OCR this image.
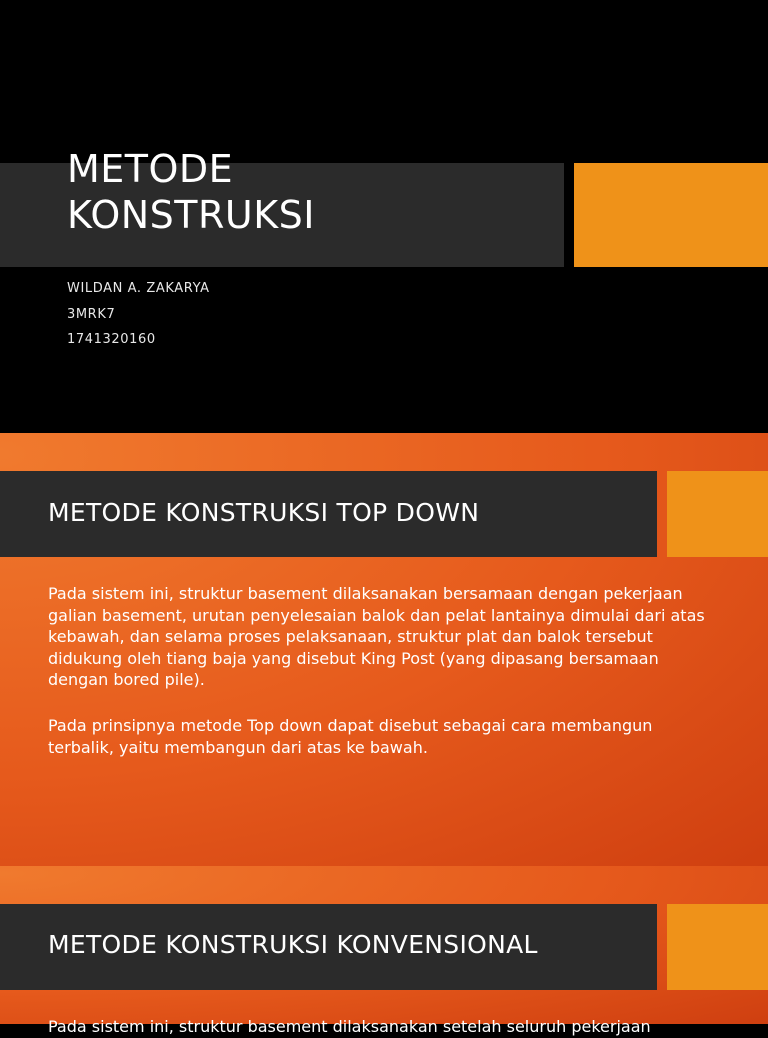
METODE
KONSTRUKSI
WILDAN A. ZAKARYA
3MRK7
1741320160
METODE KONSTRUKSI TOP DOWN

Pada sistem ini, struktur basement dilaksanakan bersamaan dengan pekerjaan galian basement, urutan penyelesaian balok dan pelat lantainya dimulai dari atas kebawah, dan selama proses pelaksanaan, struktur plat dan balok tersebut didukung oleh tiang baja yang disebut King Post (yang dipasang bersamaan dengan bored pile).

Pada prinsipnya metode Top down dapat disebut sebagai cara membangun terbalik, yaitu membangun dari atas ke bawah.

METODE KONSTRUKSI KONVENSIONAL

Pada sistem ini, struktur basement dilaksanakan setelah seluruh pekerjaan
